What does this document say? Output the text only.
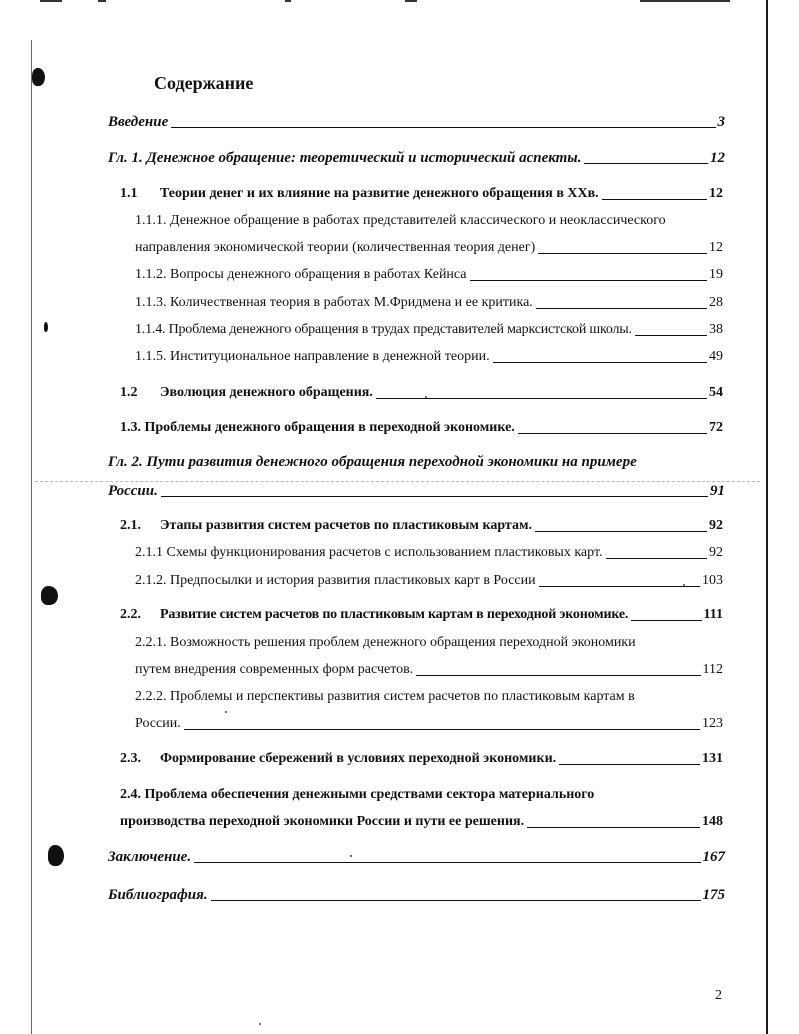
Содержание
Введение	3
Гл. 1. Денежное обращение: теоретический и исторический аспекты.	12
1.1	Теории денег и их влияние на развитие денежного обращения в XXв.	12
1.1.1. Денежное обращение в работах представителей классического и неоклассического
направления экономической теории (количественная теория денег)	12
1.1.2. Вопросы денежного обращения в работах Кейнса	19
1.1.3. Количественная теория в работах М.Фридмена и ее критика.	28
1.1.4. Проблема денежного обращения в трудах представителей марксистской школы.	38
1.1.5. Институциональное направление в денежной теории.	49
1.2	Эволюция денежного обращения.	54
1.3. Проблемы денежного обращения в переходной экономике.	72
Гл. 2. Пути развития денежного обращения переходной экономики на примере
России.	91
2.1.	Этапы развития систем расчетов по пластиковым картам.	92
2.1.1 Схемы функционирования расчетов с использованием пластиковых карт.	92
2.1.2. Предпосылки и история развития пластиковых карт в России	103
2.2.	Развитие систем расчетов по пластиковым картам в переходной экономике.	111
2.2.1. Возможность решения проблем денежного обращения переходной экономики
путем внедрения современных форм расчетов.	112
2.2.2. Проблемы и перспективы развития систем расчетов по пластиковым картам в
России.	123
2.3.	Формирование сбережений в условиях переходной экономики.	131
2.4. Проблема обеспечения денежными средствами сектора материального
производства переходной экономики России и пути ее решения.	148
Заключение.	167
Библиография.	175
2
